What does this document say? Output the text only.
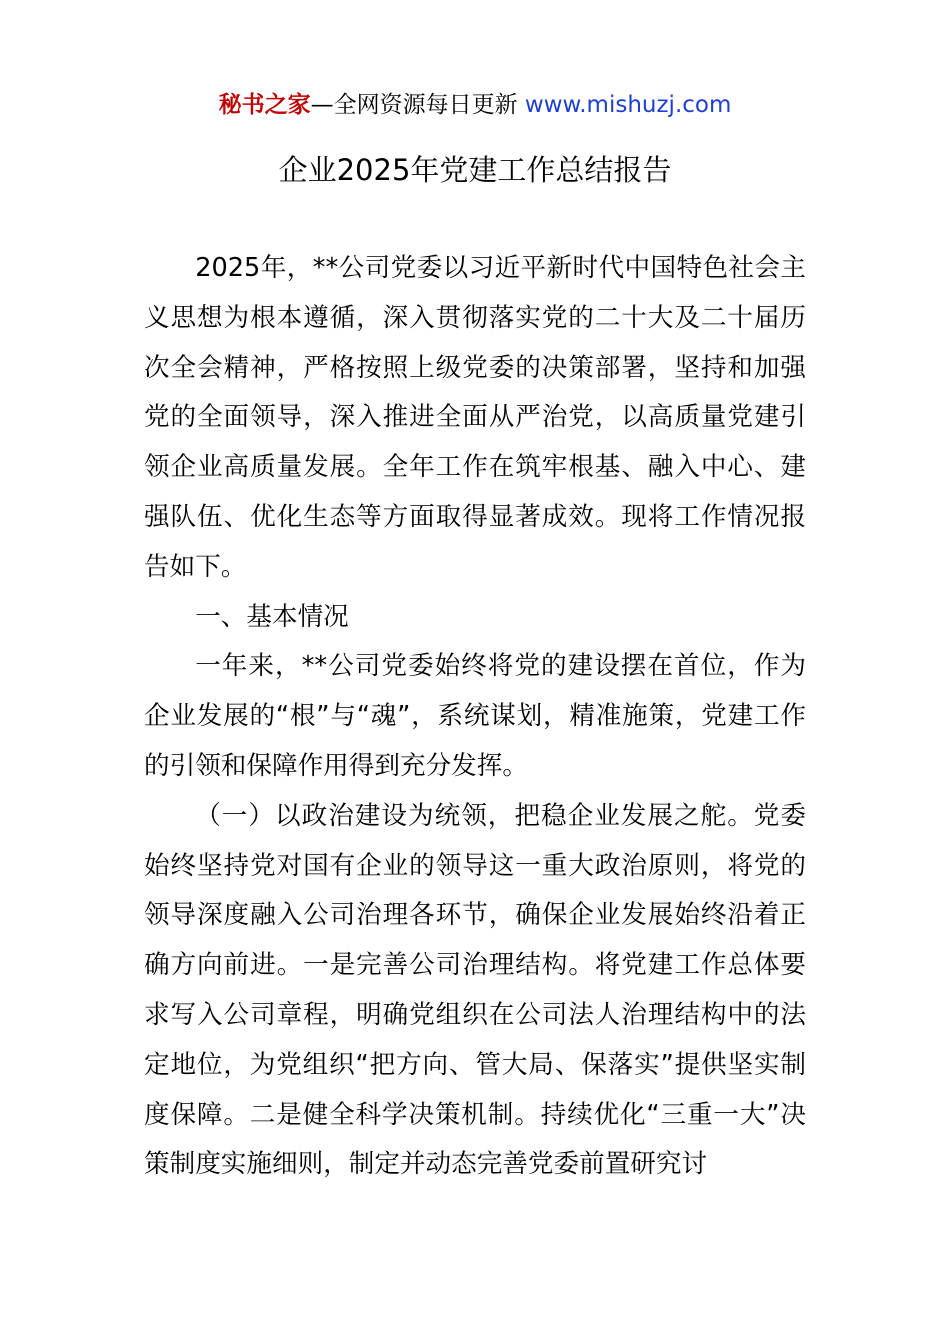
秘书之家—全网资源每日更新 www.mishuzj.com
企业2025年党建工作总结报告

2025年，**公司党委以习近平新时代中国特色社会主义思想为根本遵循，深入贯彻落实党的二十大及二十届历次全会精神，严格按照上级党委的决策部署，坚持和加强党的全面领导，深入推进全面从严治党，以高质量党建引领企业高质量发展。全年工作在筑牢根基、融入中心、建强队伍、优化生态等方面取得显著成效。现将工作情况报告如下。

一、基本情况

一年来，**公司党委始终将党的建设摆在首位，作为企业发展的“根”与“魂”，系统谋划，精准施策，党建工作的引领和保障作用得到充分发挥。

（一）以政治建设为统领，把稳企业发展之舵。党委始终坚持党对国有企业的领导这一重大政治原则，将党的领导深度融入公司治理各环节，确保企业发展始终沿着正确方向前进。一是完善公司治理结构。将党建工作总体要求写入公司章程，明确党组织在公司法人治理结构中的法定地位，为党组织“把方向、管大局、保落实”提供坚实制度保障。二是健全科学决策机制。持续优化“三重一大”决策制度实施细则，制定并动态完善党委前置研究讨
